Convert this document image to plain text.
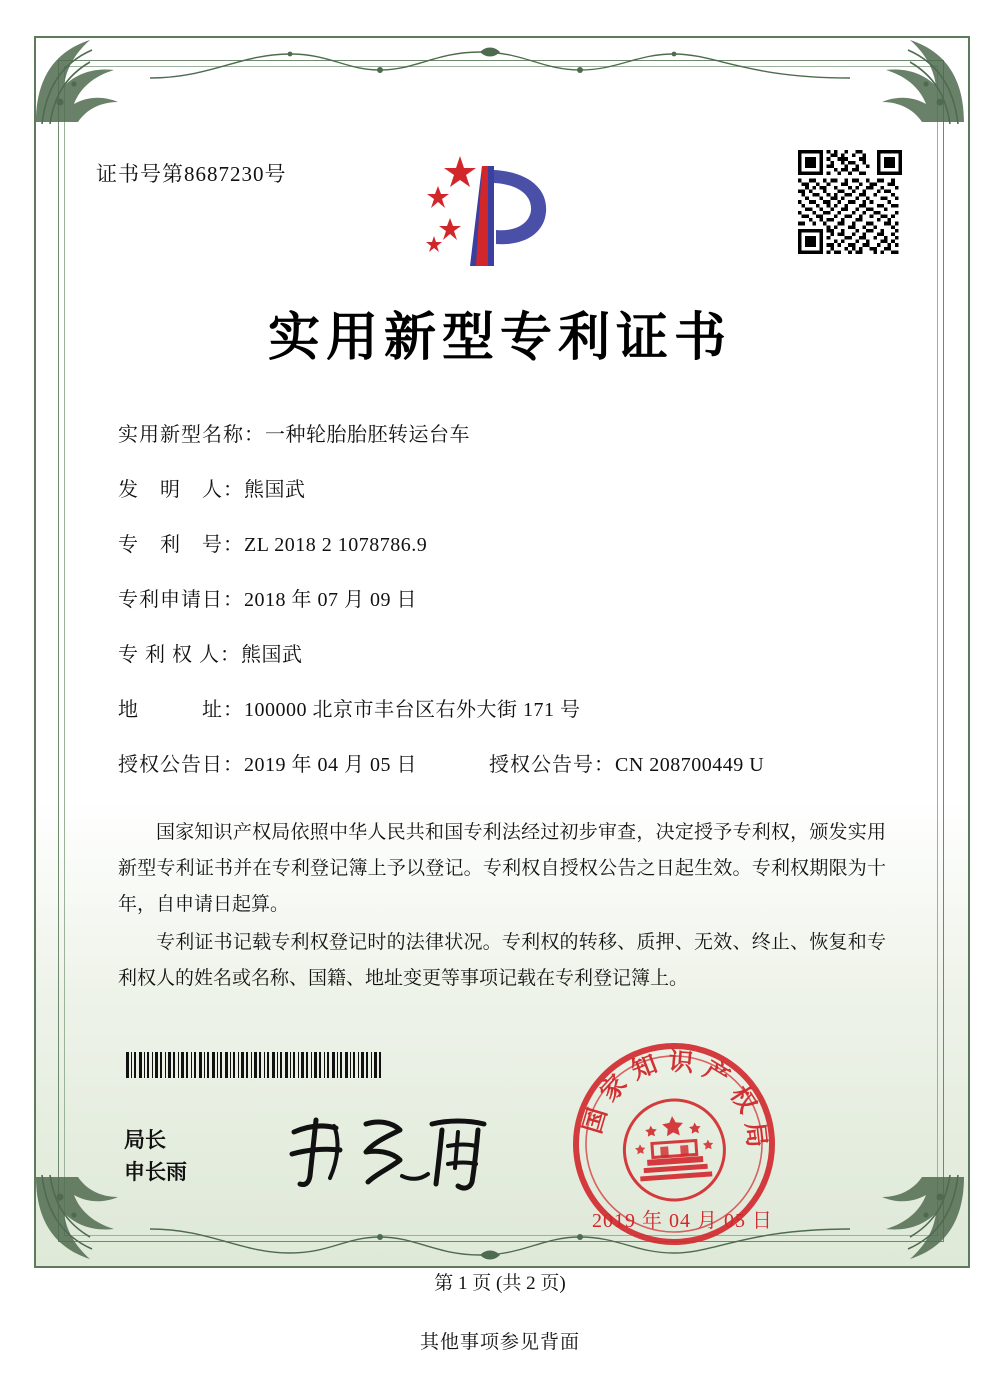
证书号第8687230号
实用新型专利证书
实用新型名称： 一种轮胎胎胚转运台车
发　明　人： 熊国武
专　利　号： ZL 2018 2 1078786.9
专利申请日： 2018 年 07 月 09 日
专 利 权 人： 熊国武
地　　　址： 100000 北京市丰台区右外大街 171 号
授权公告日： 2019 年 04 月 05 日	授权公告号： CN 208700449 U

国家知识产权局依照中华人民共和国专利法经过初步审查，决定授予专利权，颁发实用新型专利证书并在专利登记簿上予以登记。专利权自授权公告之日起生效。专利权期限为十年，自申请日起算。

专利证书记载专利权登记时的法律状况。专利权的转移、质押、无效、终止、恢复和专利权人的姓名或名称、国籍、地址变更等事项记载在专利登记簿上。

局长
申长雨
国 家 知 识 产 权 局
2019 年 04 月 05 日
第 1 页 (共 2 页)
其他事项参见背面
